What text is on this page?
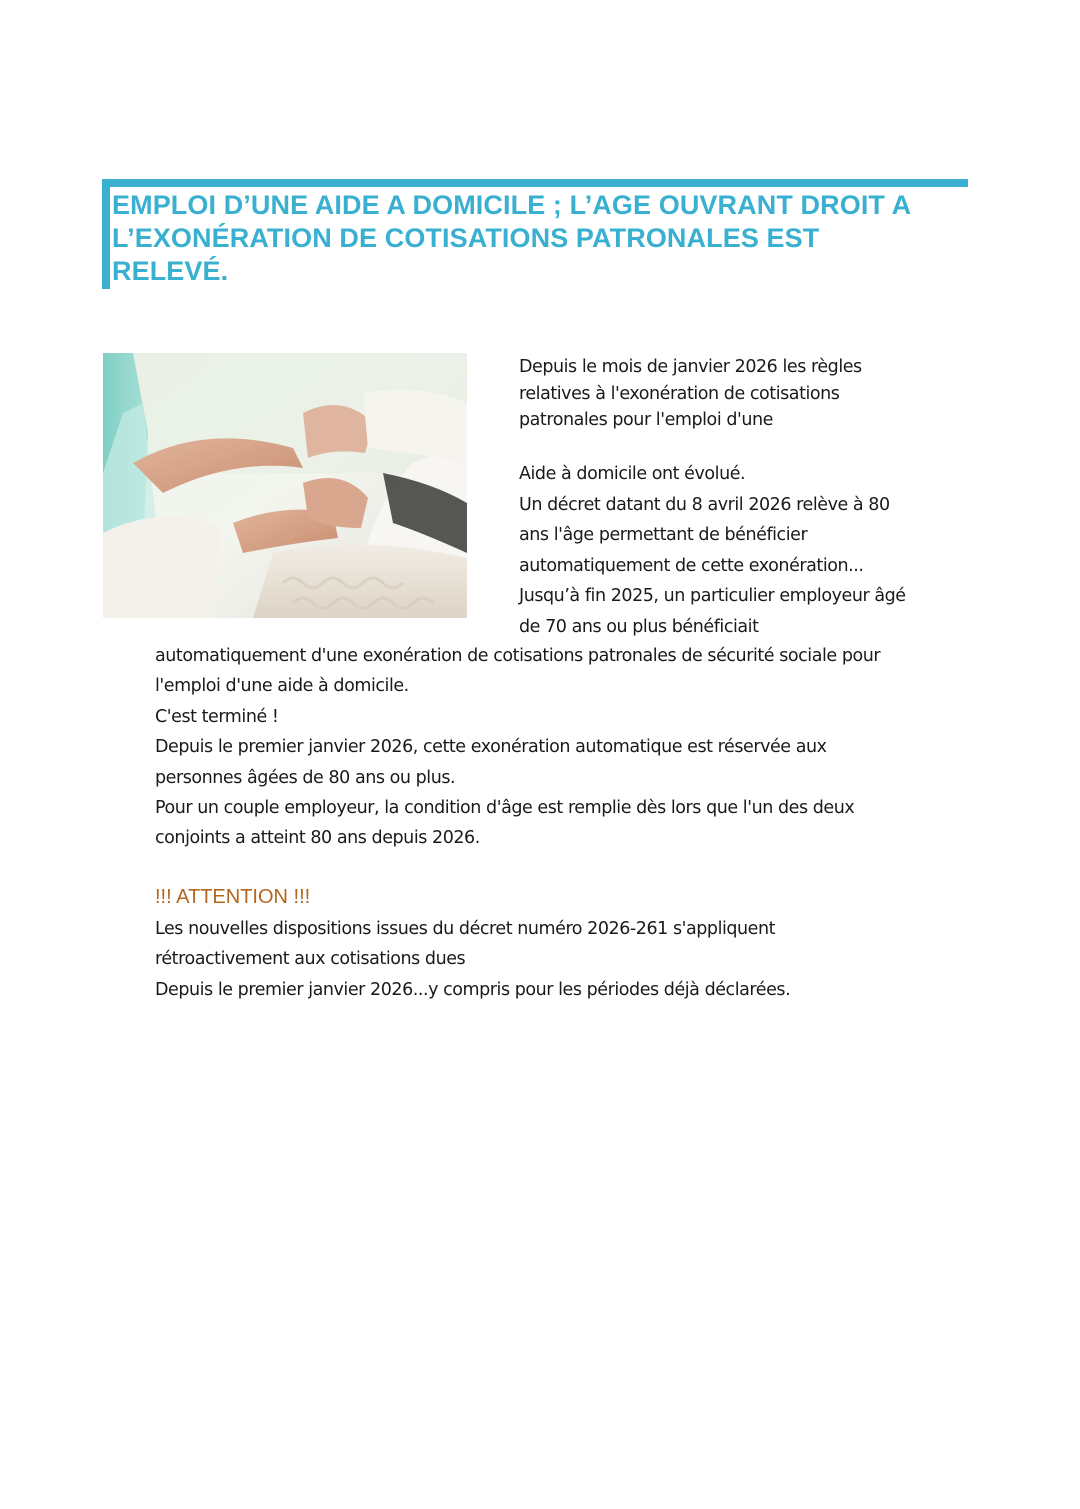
EMPLOI D’UNE AIDE A DOMICILE ; L’AGE OUVRANT DROIT A
L’EXONÉRATION DE COTISATIONS PATRONALES EST
RELEVÉ.
Depuis le mois de janvier 2026 les règles
relatives à l'exonération de cotisations
patronales pour l'emploi d'une
Aide à domicile ont évolué.
Un décret datant du 8 avril 2026 relève à 80
ans l'âge permettant de bénéficier
automatiquement de cette exonération...
Jusqu’à fin 2025, un particulier employeur âgé
de 70 ans ou plus bénéficiait
automatiquement d'une exonération de cotisations patronales de sécurité sociale pour
l'emploi d'une aide à domicile.
C'est terminé !
Depuis le premier janvier 2026, cette exonération automatique est réservée aux
personnes âgées de 80 ans ou plus.
Pour un couple employeur, la condition d'âge est remplie dès lors que l'un des deux
conjoints a atteint 80 ans depuis 2026.

!!! ATTENTION !!!

Les nouvelles dispositions issues du décret numéro 2026-261 s'appliquent
rétroactivement aux cotisations dues
Depuis le premier janvier 2026...y compris pour les périodes déjà déclarées.
